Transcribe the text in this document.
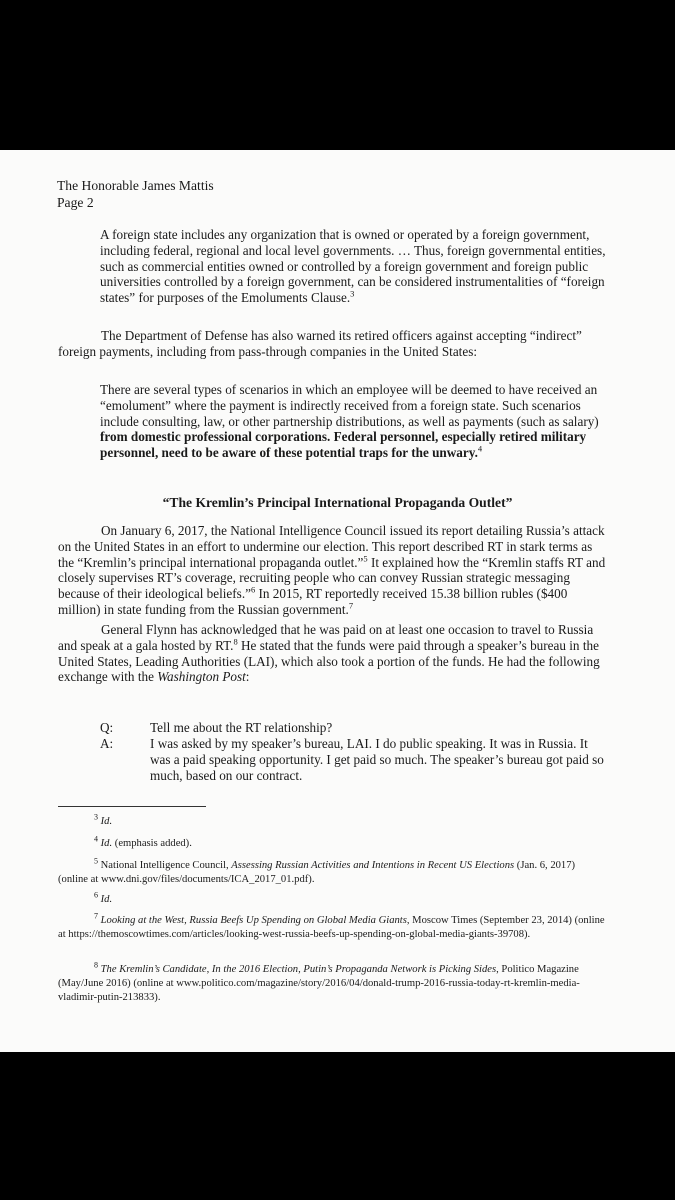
The Honorable James Mattis
Page 2

A foreign state includes any organization that is owned or operated by a foreign government, including federal, regional and local level governments. … Thus, foreign governmental entities, such as commercial entities owned or controlled by a foreign government and foreign public universities controlled by a foreign government, can be considered instrumentalities of “foreign states” for purposes of the Emoluments Clause.$^3$

The Department of Defense has also warned its retired officers against accepting “indirect” foreign payments, including from pass-through companies in the United States:

There are several types of scenarios in which an employee will be deemed to have received an “emolument” where the payment is indirectly received from a foreign state. Such scenarios include consulting, law, or other partnership distributions, as well as payments (such as salary) from domestic professional corporations. Federal personnel, especially retired military personnel, need to be aware of these potential traps for the unwary.$^4$

“The Kremlin’s Principal International Propaganda Outlet”

On January 6, 2017, the National Intelligence Council issued its report detailing Russia’s attack on the United States in an effort to undermine our election. This report described RT in stark terms as the “Kremlin’s principal international propaganda outlet.”$^5$ It explained how the “Kremlin staffs RT and closely supervises RT’s coverage, recruiting people who can convey Russian strategic messaging because of their ideological beliefs.”$^6$ In 2015, RT reportedly received 15.38 billion rubles ($400 million) in state funding from the Russian government.$^7$

General Flynn has acknowledged that he was paid on at least one occasion to travel to Russia and speak at a gala hosted by RT.$^8$ He stated that the funds were paid through a speaker’s bureau in the United States, Leading Authorities (LAI), which also took a portion of the funds. He had the following exchange with the Washington Post:

Q:	Tell me about the RT relationship?
A:	I was asked by my speaker’s bureau, LAI. I do public speaking. It was in Russia. It was a paid speaking opportunity. I get paid so much. The speaker’s bureau got paid so much, based on our contract.
$^3$ Id.
$^4$ Id. (emphasis added).
$^5$ National Intelligence Council, Assessing Russian Activities and Intentions in Recent US Elections (Jan. 6, 2017) (online at www.dni.gov/files/documents/ICA_2017_01.pdf).
$^6$ Id.
$^7$ Looking at the West, Russia Beefs Up Spending on Global Media Giants, Moscow Times (September 23, 2014) (online at https://themoscowtimes.com/articles/looking-west-russia-beefs-up-spending-on-global-media-giants-39708).
$^8$ The Kremlin’s Candidate, In the 2016 Election, Putin’s Propaganda Network is Picking Sides, Politico Magazine (May/June 2016) (online at www.politico.com/magazine/story/2016/04/donald-trump-2016-russia-today-rt-kremlin-media-vladimir-putin-213833).
